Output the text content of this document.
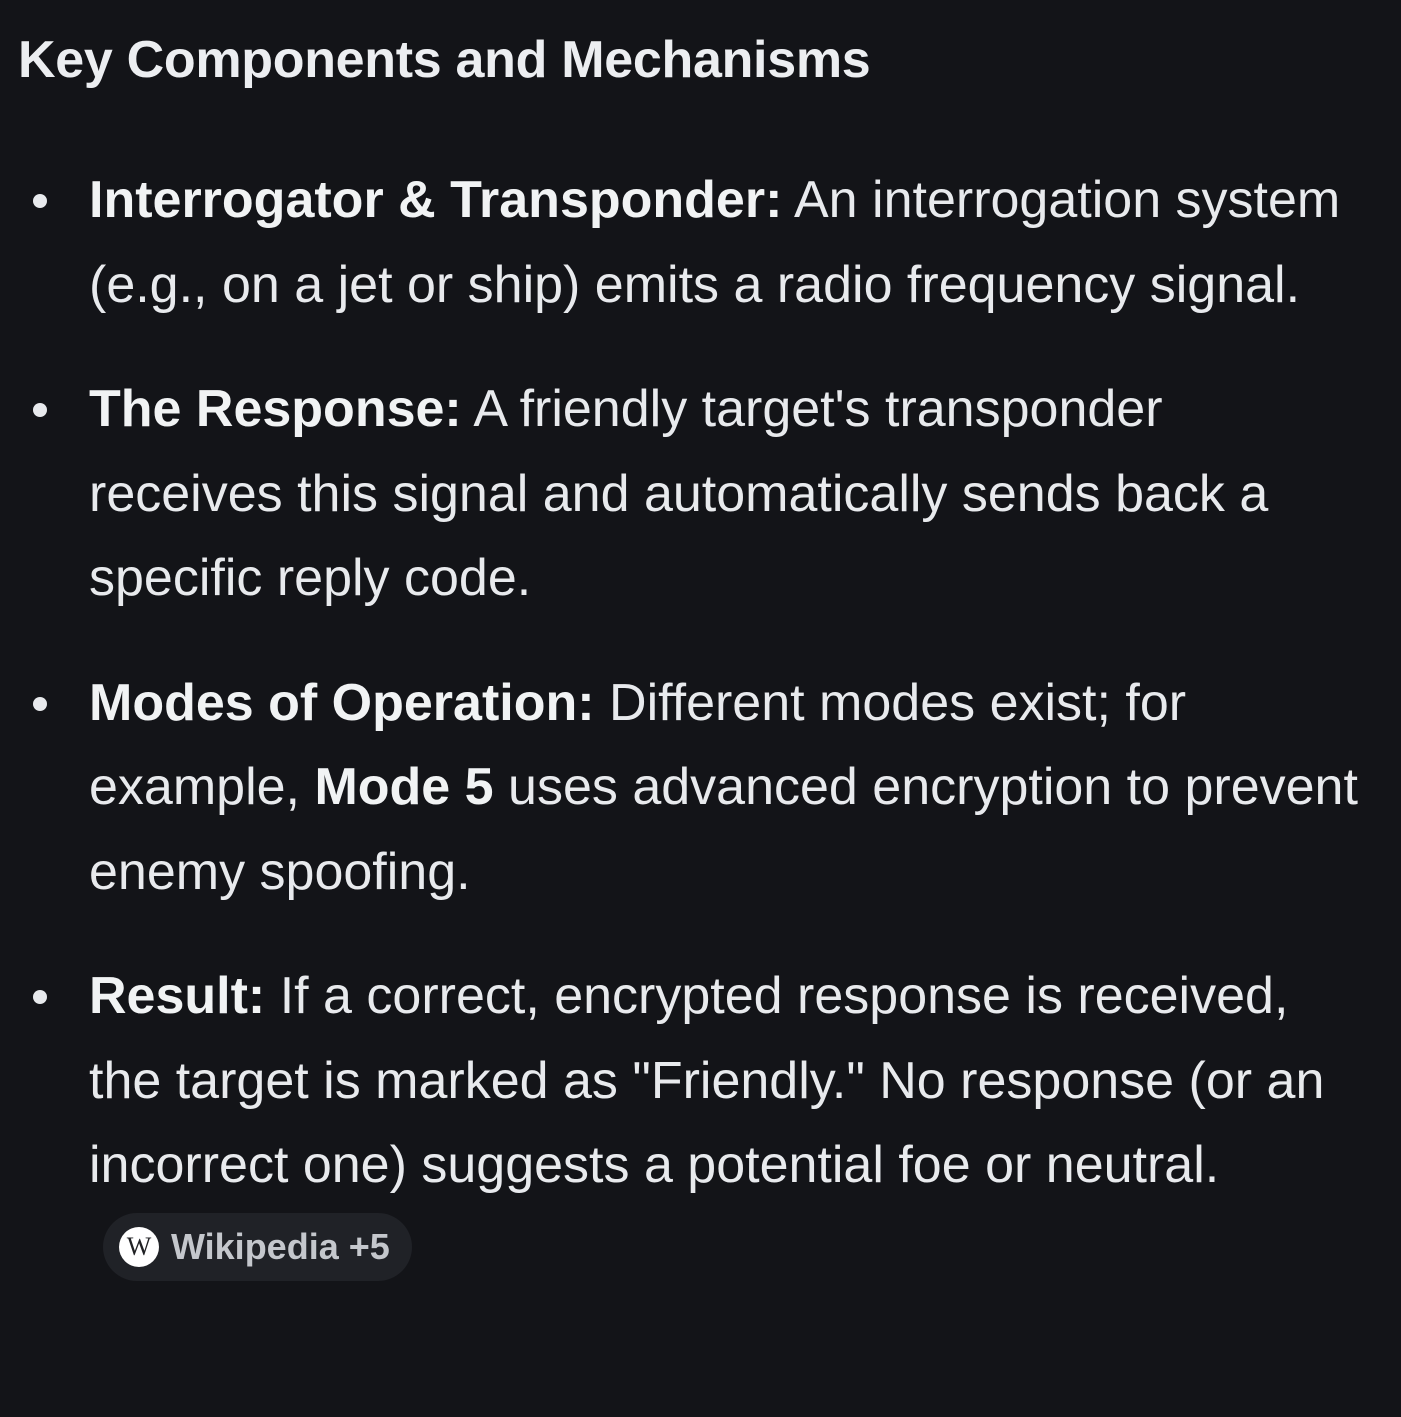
Key Components and Mechanisms
Interrogator & Transponder: An interrogation system (e.g., on a jet or ship) emits a radio frequency signal.
The Response: A friendly target's transponder receives this signal and automatically sends back a specific reply code.
Modes of Operation: Different modes exist; for example, Mode 5 uses advanced encryption to prevent enemy spoofing.
Result: If a correct, encrypted response is received, the target is marked as "Friendly." No response (or an incorrect one) suggests a potential foe or neutral.
W Wikipedia +5
